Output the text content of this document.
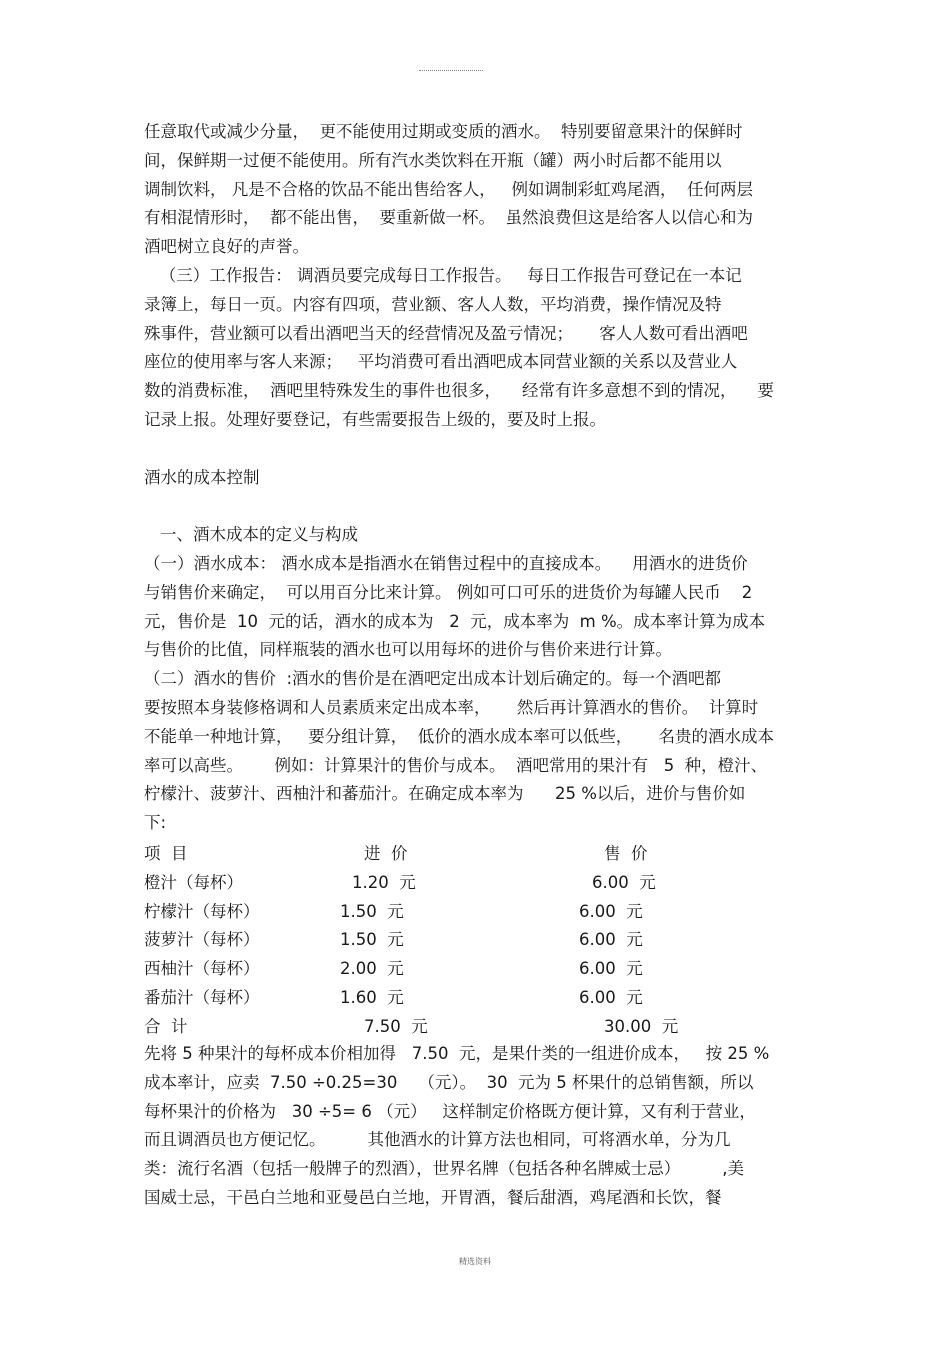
任意取代或减少分量，  更不能使用过期或变质的酒水。  特别要留意果汁的保鲜时
间，保鲜期一过便不能使用。所有汽水类饮料在开瓶（罐）两小时后都不能用以
调制饮料， 凡是不合格的饮品不能出售给客人，   例如调制彩虹鸡尾酒，  任何两层
有相混情形时，  都不能出售，  要重新做一杯。  虽然浪费但这是给客人以信心和为
酒吧树立良好的声誉。

（三）工作报告： 调酒员要完成每日工作报告。   每日工作报告可登记在一本记
录簿上，每日一页。内容有四项，营业额、客人人数，平均消费，操作情况及特
殊事件，营业额可以看出酒吧当天的经营情况及盈亏情况；     客人人数可看出酒吧
座位的使用率与客人来源；   平均消费可看出酒吧成本同营业额的关系以及营业人
数的消费标准，  酒吧里特殊发生的事件也很多，    经常有许多意想不到的情况，    要
记录上报。处理好要登记，有些需要报告上级的，要及时上报。

酒水的成本控制

一、酒木成本的定义与构成

（一）酒水成本： 酒水成本是指酒水在销售过程中的直接成本。    用酒水的进货价
与销售价来确定，  可以用百分比来计算。 例如可口可乐的进货价为每罐人民币    2
元，售价是  10  元的话，酒水的成本为   2  元，成本率为  m %。成本率计算为成本
与售价的比值，同样瓶装的酒水也可以用每坏的进价与售价来进行计算。
（二）酒水的售价  :酒水的售价是在酒吧定出成本计划后确定的。每一个酒吧都
要按照本身装修格调和人员素质来定出成本率，     然后再计算酒水的售价。  计算时
不能单一种地计算，   要分组计算，  低价的酒水成本率可以低些，     名贵的酒水成本
率可以高些。      例如：计算果汁的售价与成本。  酒吧常用的果汁有   5  种，橙汁、
柠檬汁、菠萝汁、西柚汁和蕃茄汁。在确定成本率为      25 %以后，进价与售价如
下:

项  目	进  价	售  价
橙汁（每杯）	1.20  元	6.00  元
柠檬汁（每杯）	1.50  元	6.00  元
菠萝汁（每杯）	1.50  元	6.00  元
西柚汁（每杯）	2.00  元	6.00  元
番茄汁（每杯）	1.60  元	6.00  元
合  计	7.50  元	30.00  元

先将 5 种果汁的每杯成本价相加得   7.50  元，是果什类的一组进价成本，   按 25 %
成本率计，应卖  7.50 ÷0.25=30    （元）。  30  元为 5 杯果什的总销售额，所以
每杯果汁的价格为   30 ÷5= 6 （元）   这样制定价格既方便计算，又有利于营业，
而且调酒员也方便记忆。        其他酒水的计算方法也相同，可将酒水单，分为几
类：流行名酒（包括一般牌子的烈酒），世界名牌（包括各种名牌威士忌）        ,美
国威士忌，干邑白兰地和亚曼邑白兰地，开胃酒，餐后甜酒，鸡尾酒和长饮，餐

精选资料
